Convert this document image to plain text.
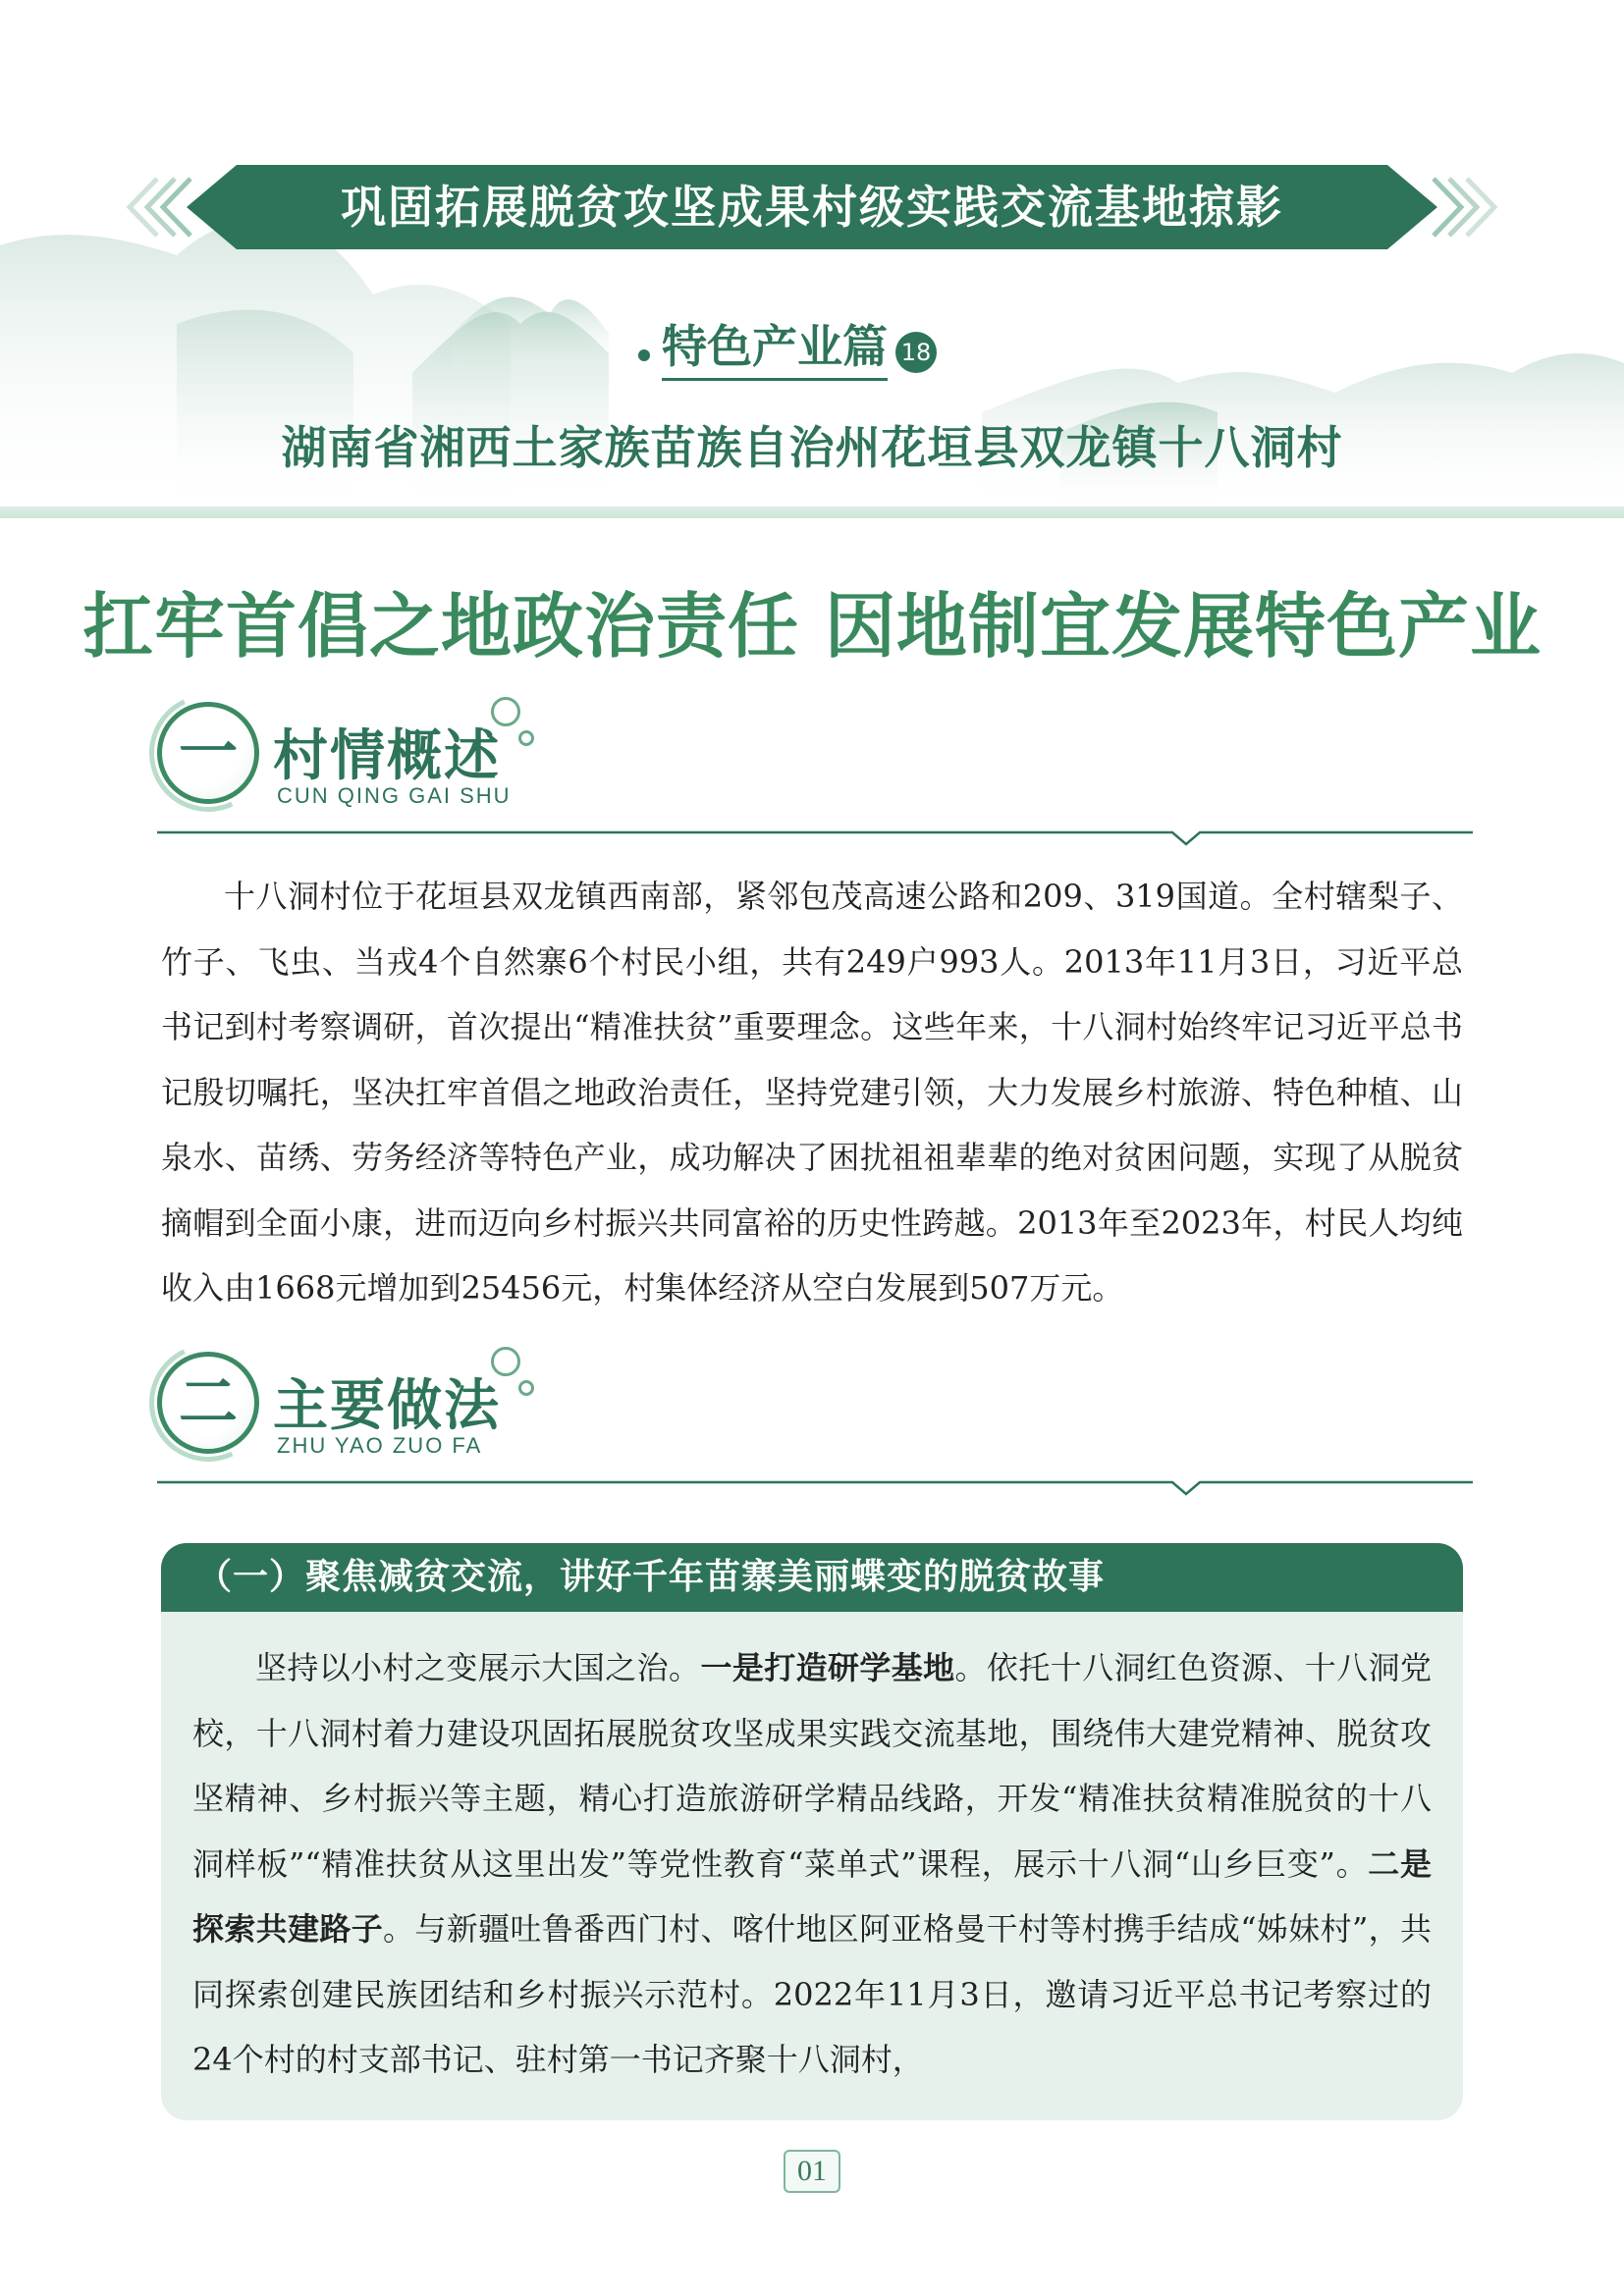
巩固拓展脱贫攻坚成果村级实践交流基地掠影
特色产业篇 18
湖南省湘西土家族苗族自治州花垣县双龙镇十八洞村
扛牢首倡之地政治责任 因地制宜发展特色产业
一 村情概述
CUN QING GAI SHU

十八洞村位于花垣县双龙镇西南部，紧邻包茂高速公路和209、319国道。全村辖梨子、竹子、飞虫、当戎4个自然寨6个村民小组，共有249户993人。2013年11月3日，习近平总书记到村考察调研，首次提出“精准扶贫”重要理念。这些年来，十八洞村始终牢记习近平总书记殷切嘱托，坚决扛牢首倡之地政治责任，坚持党建引领，大力发展乡村旅游、特色种植、山泉水、苗绣、劳务经济等特色产业，成功解决了困扰祖祖辈辈的绝对贫困问题，实现了从脱贫摘帽到全面小康，进而迈向乡村振兴共同富裕的历史性跨越。2013年至2023年，村民人均纯收入由1668元增加到25456元，村集体经济从空白发展到507万元。

二 主要做法
ZHU YAO ZUO FA
（一）聚焦减贫交流，讲好千年苗寨美丽蝶变的脱贫故事

坚持以小村之变展示大国之治。一是打造研学基地。依托十八洞红色资源、十八洞党校，十八洞村着力建设巩固拓展脱贫攻坚成果实践交流基地，围绕伟大建党精神、脱贫攻坚精神、乡村振兴等主题，精心打造旅游研学精品线路，开发“精准扶贫精准脱贫的十八洞样板”“精准扶贫从这里出发”等党性教育“菜单式”课程，展示十八洞“山乡巨变”。二是探索共建路子。与新疆吐鲁番西门村、喀什地区阿亚格曼干村等村携手结成“姊妹村”，共同探索创建民族团结和乡村振兴示范村。2022年11月3日，邀请习近平总书记考察过的24个村的村支部书记、驻村第一书记齐聚十八洞村，

01
